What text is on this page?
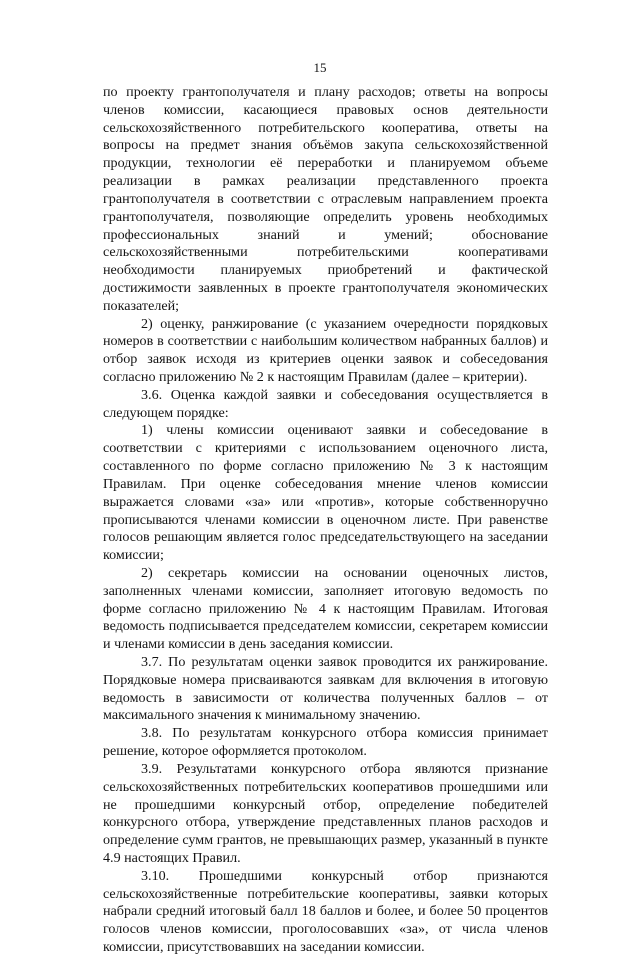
15

по проекту грантополучателя и плану расходов; ответы на вопросы членов комиссии, касающиеся правовых основ деятельности сельскохозяйственного потребительского кооператива, ответы на вопросы на предмет знания объёмов закупа сельскохозяйственной продукции, технологии её переработки и планируемом объеме реализации в рамках реализации представленного проекта грантополучателя в соответствии с отраслевым направлением проекта грантополучателя, позволяющие определить уровень необходимых профессиональных знаний и умений; обоснование сельскохозяйственными потребительскими кооперативами необходимости планируемых приобретений и фактической достижимости заявленных в проекте грантополучателя экономических показателей;

2) оценку, ранжирование (с указанием очередности порядковых номеров в соответствии с наибольшим количеством набранных баллов) и отбор заявок исходя из критериев оценки заявок и собеседования согласно приложению № 2 к настоящим Правилам (далее – критерии).

3.6. Оценка каждой заявки и собеседования осуществляется в следующем порядке:

1) члены комиссии оценивают заявки и собеседование в соответствии с критериями с использованием оценочного листа, составленного по форме согласно приложению № 3 к настоящим Правилам. При оценке собеседования мнение членов комиссии выражается словами «за» или «против», которые собственноручно прописываются членами комиссии в оценочном листе. При равенстве голосов решающим является голос председательствующего на заседании комиссии;

2) секретарь комиссии на основании оценочных листов, заполненных членами комиссии, заполняет итоговую ведомость по форме согласно приложению № 4 к настоящим Правилам. Итоговая ведомость подписывается председателем комиссии, секретарем комиссии и членами комиссии в день заседания комиссии.

3.7. По результатам оценки заявок проводится их ранжирование. Порядковые номера присваиваются заявкам для включения в итоговую ведомость в зависимости от количества полученных баллов – от максимального значения к минимальному значению.

3.8. По результатам конкурсного отбора комиссия принимает решение, которое оформляется протоколом.

3.9. Результатами конкурсного отбора являются признание сельскохозяйственных потребительских кооперативов прошедшими или не прошедшими конкурсный отбор, определение победителей конкурсного отбора, утверждение представленных планов расходов и определение сумм грантов, не превышающих размер, указанный в пункте 4.9 настоящих Правил.

3.10. Прошедшими конкурсный отбор признаются сельскохозяйственные потребительские кооперативы, заявки которых набрали средний итоговый балл 18 баллов и более, и более 50 процентов голосов членов комиссии, проголосовавших «за», от числа членов комиссии, присутствовавших на заседании комиссии.
